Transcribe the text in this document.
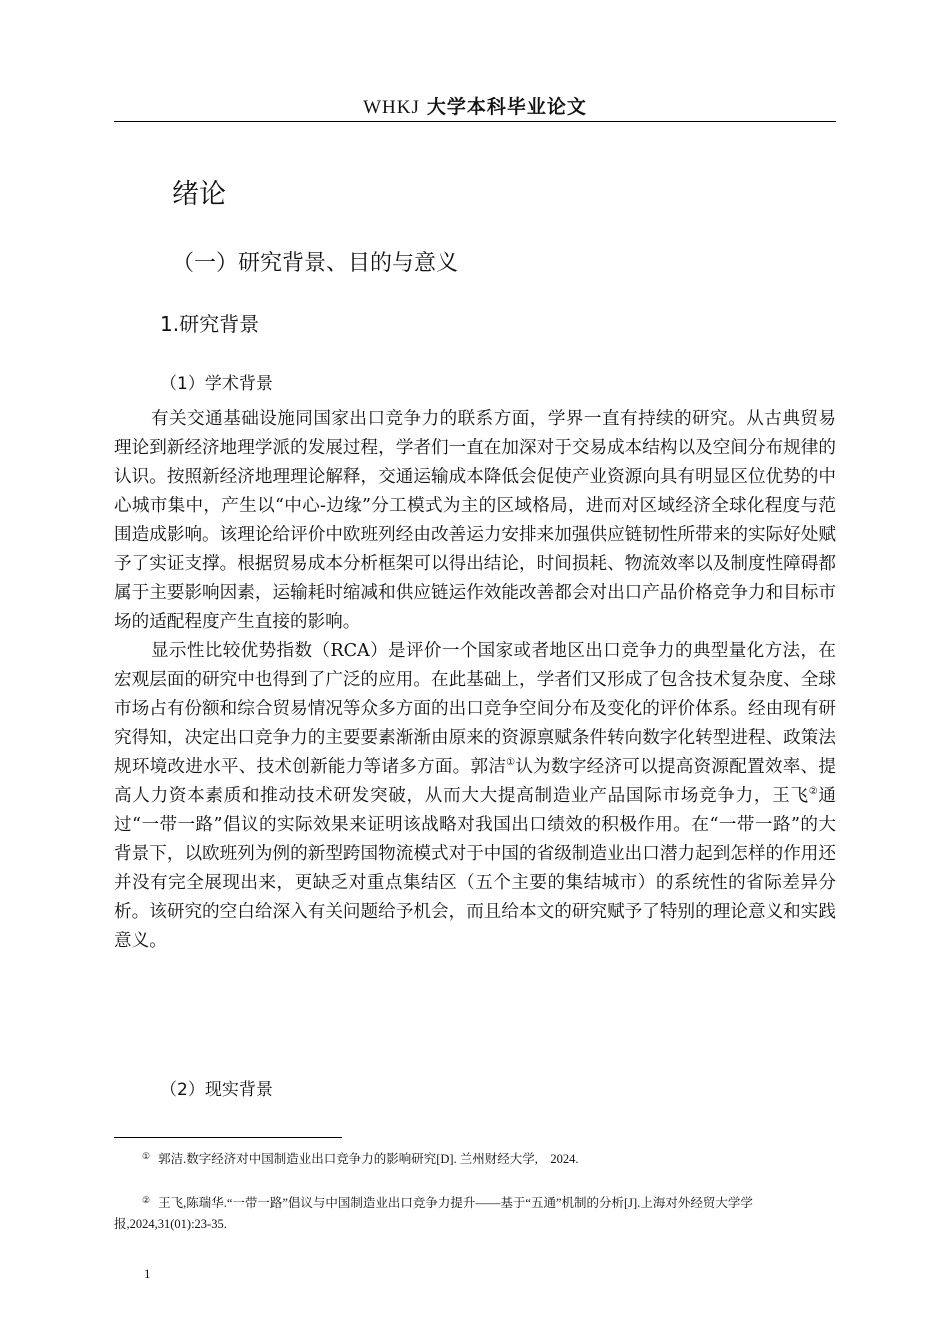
WHKJ 大学本科毕业论文
绪论
（一）研究背景、目的与意义
1.研究背景
（1）学术背景

有关交通基础设施同国家出口竞争力的联系方面，学界一直有持续的研究。从古典贸易理论到新经济地理学派的发展过程，学者们一直在加深对于交易成本结构以及空间分布规律的认识。按照新经济地理理论解释，交通运输成本降低会促使产业资源向具有明显区位优势的中心城市集中，产生以“中心-边缘”分工模式为主的区域格局，进而对区域经济全球化程度与范围造成影响。该理论给评价中欧班列经由改善运力安排来加强供应链韧性所带来的实际好处赋予了实证支撑。根据贸易成本分析框架可以得出结论，时间损耗、物流效率以及制度性障碍都属于主要影响因素，运输耗时缩减和供应链运作效能改善都会对出口产品价格竞争力和目标市场的适配程度产生直接的影响。

显示性比较优势指数（RCA）是评价一个国家或者地区出口竞争力的典型量化方法，在宏观层面的研究中也得到了广泛的应用。在此基础上，学者们又形成了包含技术复杂度、全球市场占有份额和综合贸易情况等众多方面的出口竞争空间分布及变化的评价体系。经由现有研究得知，决定出口竞争力的主要要素渐渐由原来的资源禀赋条件转向数字化转型进程、政策法规环境改进水平、技术创新能力等诸多方面。郭洁①认为数字经济可以提高资源配置效率、提高人力资本素质和推动技术研发突破，从而大大提高制造业产品国际市场竞争力，王飞②通过“一带一路”倡议的实际效果来证明该战略对我国出口绩效的积极作用。在“一带一路”的大背景下，以欧班列为例的新型跨国物流模式对于中国的省级制造业出口潜力起到怎样的作用还并没有完全展现出来，更缺乏对重点集结区（五个主要的集结城市）的系统性的省际差异分析。该研究的空白给深入有关问题给予机会，而且给本文的研究赋予了特别的理论意义和实践意义。

（2）现实背景
① 郭洁.数字经济对中国制造业出口竞争力的影响研究[D]. 兰州财经大学,　2024.
② 王飞,陈瑞华.“一带一路”倡议与中国制造业出口竞争力提升——基于“五通”机制的分析[J].上海对外经贸大学学报,2024,31(01):23-35.
1
